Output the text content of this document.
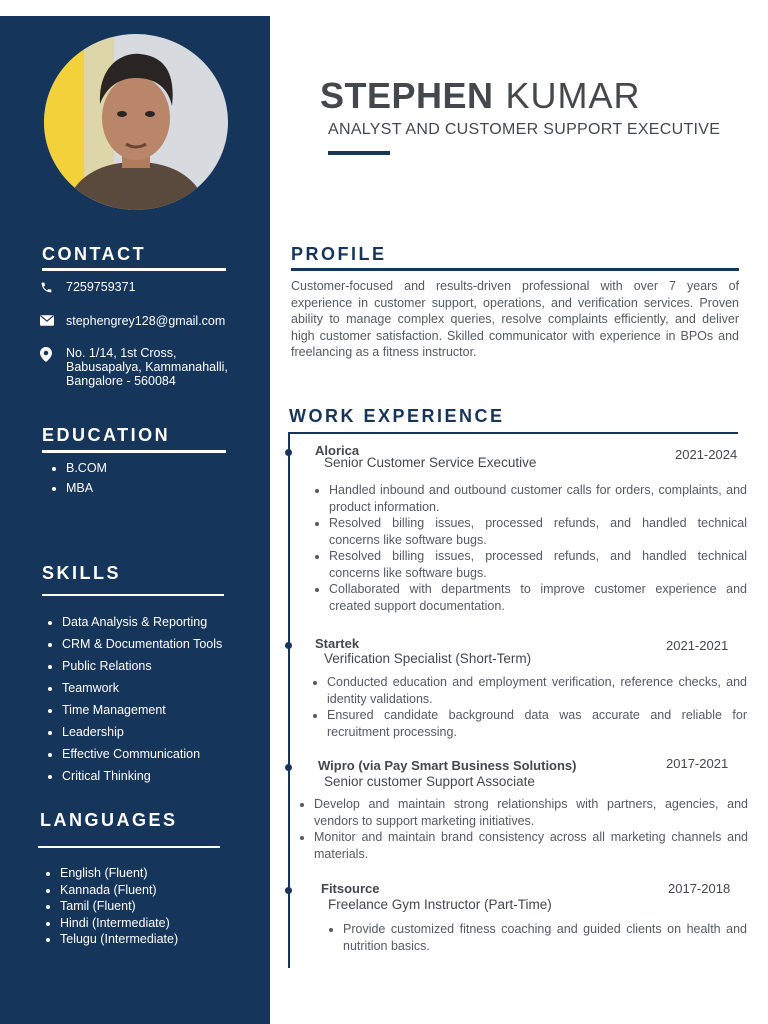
CONTACT
7259759371
stephengrey128@gmail.com
No. 1/14, 1st Cross,
Babusapalya, Kammanahalli,
Bangalore - 560084
EDUCATION
• B.COM
• MBA
SKILLS
• Data Analysis & Reporting
• CRM & Documentation Tools
• Public Relations
• Teamwork
• Time Management
• Leadership
• Effective Communication
• Critical Thinking
LANGUAGES
• English (Fluent)
• Kannada (Fluent)
• Tamil (Fluent)
• Hindi (Intermediate)
• Telugu (Intermediate)
STEPHEN KUMAR
ANALYST AND CUSTOMER SUPPORT EXECUTIVE
PROFILE
Customer-focused and results-driven professional with over 7 years of experience in customer support, operations, and verification services. Proven ability to manage complex queries, resolve complaints efficiently, and deliver high customer satisfaction. Skilled communicator with experience in BPOs and freelancing as a fitness instructor.
WORK EXPERIENCE
Alorica	2021-2024
Senior Customer Service Executive
• Handled inbound and outbound customer calls for orders, complaints, and product information.
• Resolved billing issues, processed refunds, and handled technical concerns like software bugs.
• Resolved billing issues, processed refunds, and handled technical concerns like software bugs.
• Collaborated with departments to improve customer experience and created support documentation.
Startek	2021-2021
Verification Specialist (Short-Term)
• Conducted education and employment verification, reference checks, and identity validations.
• Ensured candidate background data was accurate and reliable for recruitment processing.
Wipro (via Pay Smart Business Solutions)	2017-2021
Senior customer Support Associate
• Develop and maintain strong relationships with partners, agencies, and vendors to support marketing initiatives.
• Monitor and maintain brand consistency across all marketing channels and materials.
Fitsource	2017-2018
Freelance Gym Instructor (Part-Time)
• Provide customized fitness coaching and guided clients on health and nutrition basics.
